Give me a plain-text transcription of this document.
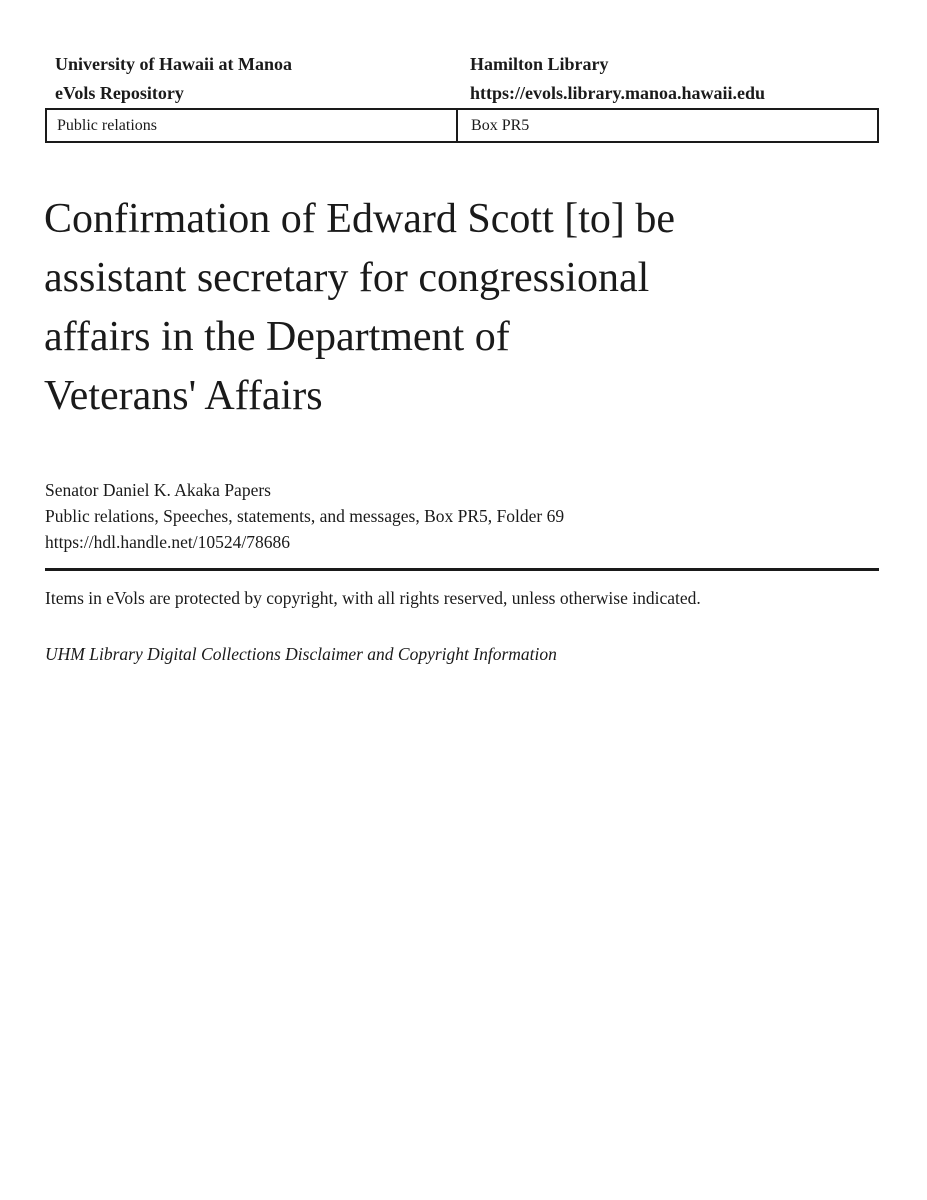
University of Hawaii at Manoa
eVols Repository
Hamilton Library
https://evols.library.manoa.hawaii.edu
Public relations	Box PR5
Confirmation of Edward Scott [to] be
assistant secretary for congressional
affairs in the Department of
Veterans' Affairs
Senator Daniel K. Akaka Papers
Public relations, Speeches, statements, and messages, Box PR5, Folder 69
https://hdl.handle.net/10524/78686
Items in eVols are protected by copyright, with all rights reserved, unless otherwise indicated.
UHM Library Digital Collections Disclaimer and Copyright Information
